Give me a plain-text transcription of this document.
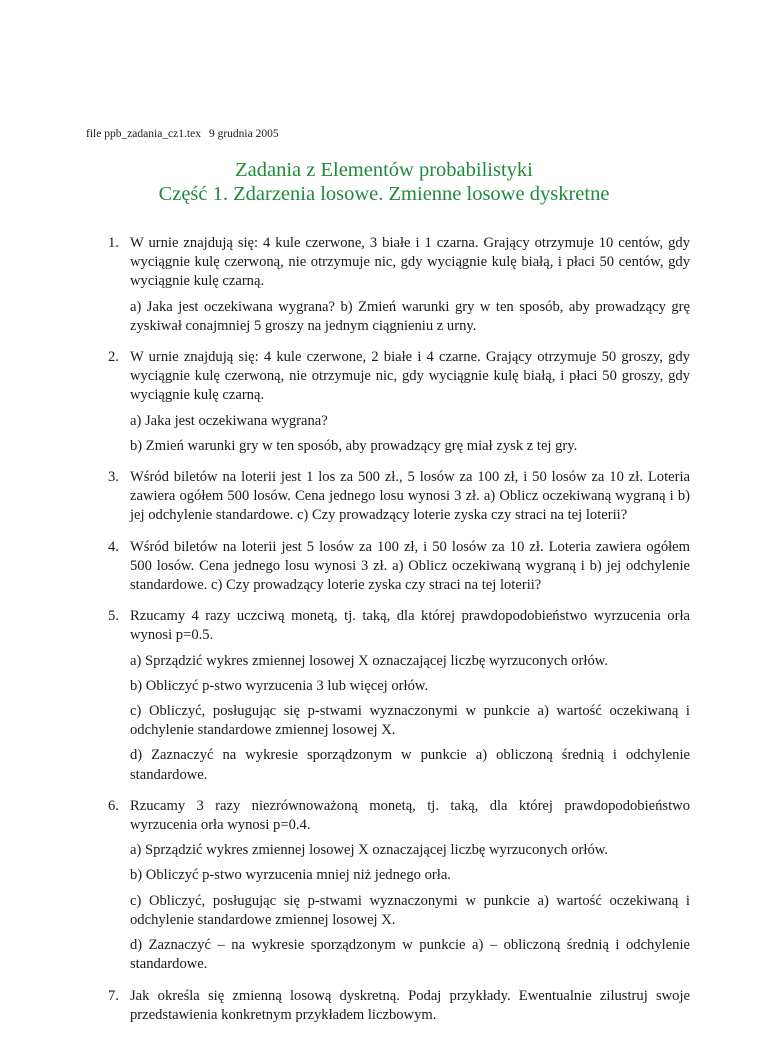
file ppb_zadania_cz1.tex 9 grudnia 2005
Zadania z Elementów probabilistyki
Część 1. Zdarzenia losowe. Zmienne losowe dyskretne
1. W urnie znajdują się: 4 kule czerwone, 3 białe i 1 czarna. Grający otrzymuje 10 centów, gdy wyciągnie kulę czerwoną, nie otrzymuje nic, gdy wyciągnie kulę białą, i płaci 50 centów, gdy wyciągnie kulę czarną.

a) Jaka jest oczekiwana wygrana? b) Zmień warunki gry w ten sposób, aby prowadzący grę zyskiwał conajmniej 5 groszy na jednym ciągnieniu z urny.

2. W urnie znajdują się: 4 kule czerwone, 2 białe i 4 czarne. Grający otrzymuje 50 groszy, gdy wyciągnie kulę czerwoną, nie otrzymuje nic, gdy wyciągnie kulę białą, i płaci 50 groszy, gdy wyciągnie kulę czarną.

a) Jaka jest oczekiwana wygrana?

b) Zmień warunki gry w ten sposób, aby prowadzący grę miał zysk z tej gry.

3. Wśród biletów na loterii jest 1 los za 500 zł., 5 losów za 100 zł, i 50 losów za 10 zł. Loteria zawiera ogółem 500 losów. Cena jednego losu wynosi 3 zł. a) Oblicz oczekiwaną wygraną i b) jej odchylenie standardowe. c) Czy prowadzący loterie zyska czy straci na tej loterii?

4. Wśród biletów na loterii jest 5 losów za 100 zł, i 50 losów za 10 zł. Loteria zawiera ogółem 500 losów. Cena jednego losu wynosi 3 zł. a) Oblicz oczekiwaną wygraną i b) jej odchylenie standardowe. c) Czy prowadzący loterie zyska czy straci na tej loterii?

5. Rzucamy 4 razy uczciwą monetą, tj. taką, dla której prawdopodobieństwo wyrzucenia orła wynosi p=0.5.

a) Sprządzić wykres zmiennej losowej X oznaczającej liczbę wyrzuconych orłów.

b) Obliczyć p-stwo wyrzucenia 3 lub więcej orłów.

c) Obliczyć, posługując się p-stwami wyznaczonymi w punkcie a) wartość oczekiwaną i odchylenie standardowe zmiennej losowej X.

d) Zaznaczyć na wykresie sporządzonym w punkcie a) obliczoną średnią i odchylenie standardowe.

6. Rzucamy 3 razy niezrównoważoną monetą, tj. taką, dla której prawdopodobieństwo wyrzucenia orła wynosi p=0.4.

a) Sprządzić wykres zmiennej losowej X oznaczającej liczbę wyrzuconych orłów.

b) Obliczyć p-stwo wyrzucenia mniej niż jednego orła.

c) Obliczyć, posługując się p-stwami wyznaczonymi w punkcie a) wartość oczekiwaną i odchylenie standardowe zmiennej losowej X.

d) Zaznaczyć – na wykresie sporządzonym w punkcie a) – obliczoną średnią i odchylenie standardowe.

7. Jak określa się zmienną losową dyskretną. Podaj przykłady. Ewentualnie zilustruj swoje przedstawienia konkretnym przykładem liczbowym.
